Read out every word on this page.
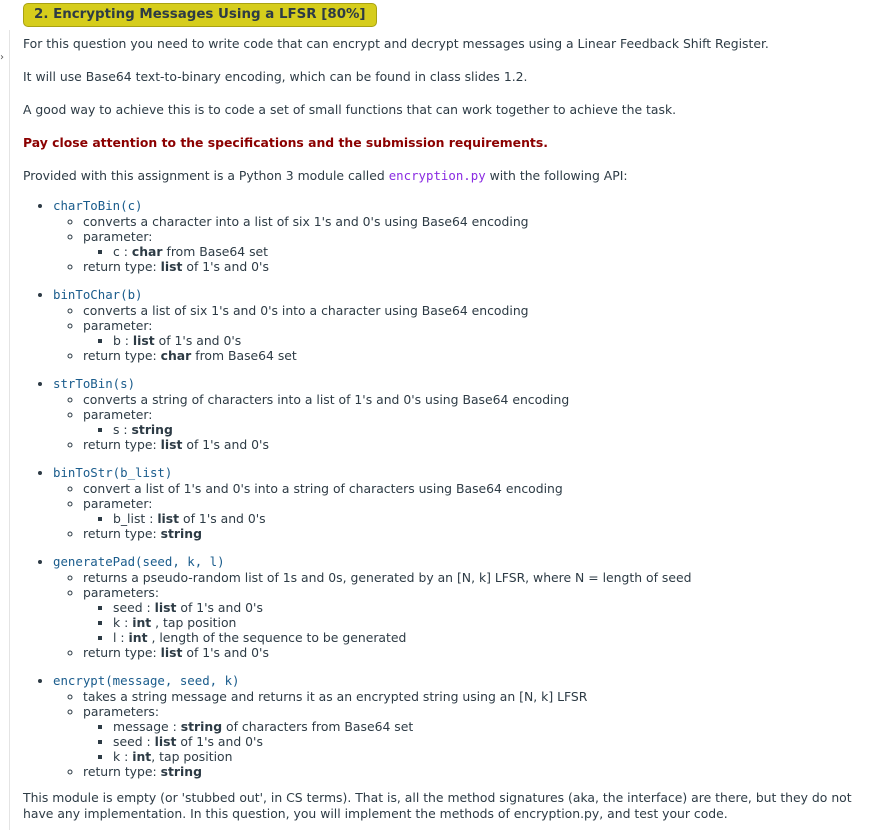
›
2. Encrypting Messages Using a LFSR [80%]

For this question you need to write code that can encrypt and decrypt messages using a Linear Feedback Shift Register.

It will use Base64 text-to-binary encoding, which can be found in class slides 1.2.

A good way to achieve this is to code a set of small functions that can work together to achieve the task.

Pay close attention to the specifications and the submission requirements.

Provided with this assignment is a Python 3 module called encryption.py with the following API:

• charToBin(c)
◦ converts a character into a list of six 1's and 0's using Base64 encoding
◦ parameter:
▪ c : char from Base64 set
◦ return type: list of 1's and 0's
• binToChar(b)
◦ converts a list of six 1's and 0's into a character using Base64 encoding
◦ parameter:
▪ b : list of 1's and 0's
◦ return type: char from Base64 set
• strToBin(s)
◦ converts a string of characters into a list of 1's and 0's using Base64 encoding
◦ parameter:
▪ s : string
◦ return type: list of 1's and 0's
• binToStr(b_list)
◦ convert a list of 1's and 0's into a string of characters using Base64 encoding
◦ parameter:
▪ b_list : list of 1's and 0's
◦ return type: string
• generatePad(seed, k, l)
◦ returns a pseudo-random list of 1s and 0s, generated by an [N, k] LFSR, where N = length of seed
◦ parameters:
▪ seed : list of 1's and 0's
▪ k : int , tap position
▪ l : int , length of the sequence to be generated
◦ return type: list of 1's and 0's
• encrypt(message, seed, k)
◦ takes a string message and returns it as an encrypted string using an [N, k] LFSR
◦ parameters:
▪ message : string of characters from Base64 set
▪ seed : list of 1's and 0's
▪ k : int, tap position
◦ return type: string

This module is empty (or 'stubbed out', in CS terms). That is, all the method signatures (aka, the interface) are there, but they do not have any implementation. In this question, you will implement the methods of encryption.py, and test your code.
